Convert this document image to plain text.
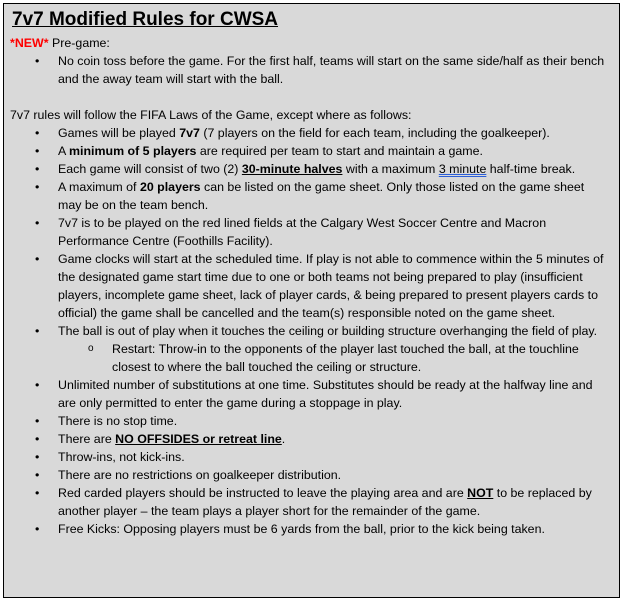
7v7 Modified Rules for CWSA

*NEW* Pre-game:

• No coin toss before the game. For the first half, teams will start on the same side/half as their bench and the away team will start with the ball.

7v7 rules will follow the FIFA Laws of the Game, except where as follows:

• Games will be played 7v7 (7 players on the field for each team, including the goalkeeper).
• A minimum of 5 players are required per team to start and maintain a game.
• Each game will consist of two (2) 30-minute halves with a maximum 3 minute half-time break.
• A maximum of 20 players can be listed on the game sheet. Only those listed on the game sheet may be on the team bench.
• 7v7 is to be played on the red lined fields at the Calgary West Soccer Centre and Macron Performance Centre (Foothills Facility).
• Game clocks will start at the scheduled time. If play is not able to commence within the 5 minutes of the designated game start time due to one or both teams not being prepared to play (insufficient players, incomplete game sheet, lack of player cards, & being prepared to present players cards to official) the game shall be cancelled and the team(s) responsible noted on the game sheet.
• The ball is out of play when it touches the ceiling or building structure overhanging the field of play.
o Restart: Throw-in to the opponents of the player last touched the ball, at the touchline closest to where the ball touched the ceiling or structure.
• Unlimited number of substitutions at one time. Substitutes should be ready at the halfway line and are only permitted to enter the game during a stoppage in play.
• There is no stop time.
• There are NO OFFSIDES or retreat line.
• Throw-ins, not kick-ins.
• There are no restrictions on goalkeeper distribution.
• Red carded players should be instructed to leave the playing area and are NOT to be replaced by another player – the team plays a player short for the remainder of the game.
• Free Kicks: Opposing players must be 6 yards from the ball, prior to the kick being taken.
